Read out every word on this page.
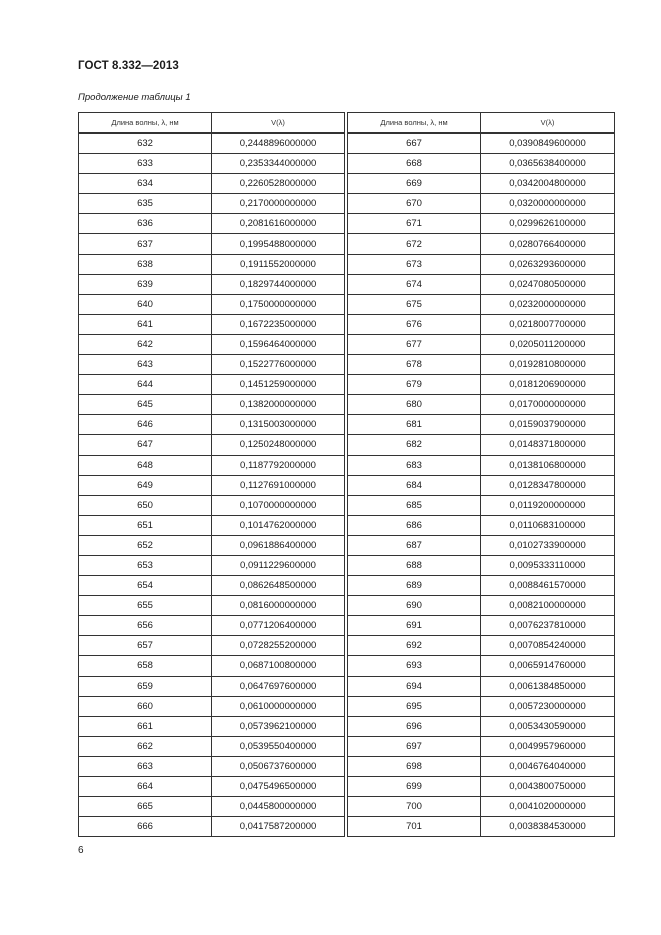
ГОСТ 8.332—2013
Продолжение таблицы 1
Длина волны, λ, нм	V(λ)		Длина волны, λ, нм	V(λ)
632	0,2448896000000		667	0,0390849600000
633	0,2353344000000		668	0,0365638400000
634	0,2260528000000		669	0,0342004800000
635	0,2170000000000		670	0,0320000000000
636	0,2081616000000		671	0,0299626100000
637	0,1995488000000		672	0,0280766400000
638	0,1911552000000		673	0,0263293600000
639	0,1829744000000		674	0,0247080500000
640	0,1750000000000		675	0,0232000000000
641	0,1672235000000		676	0,0218007700000
642	0,1596464000000		677	0,0205011200000
643	0,1522776000000		678	0,0192810800000
644	0,1451259000000		679	0,0181206900000
645	0,1382000000000		680	0,0170000000000
646	0,1315003000000		681	0,0159037900000
647	0,1250248000000		682	0,0148371800000
648	0,1187792000000		683	0,0138106800000
649	0,1127691000000		684	0,0128347800000
650	0,1070000000000		685	0,0119200000000
651	0,1014762000000		686	0,0110683100000
652	0,0961886400000		687	0,0102733900000
653	0,0911229600000		688	0,0095333110000
654	0,0862648500000		689	0,0088461570000
655	0,0816000000000		690	0,0082100000000
656	0,0771206400000		691	0,0076237810000
657	0,0728255200000		692	0,0070854240000
658	0,0687100800000		693	0,0065914760000
659	0,0647697600000		694	0,0061384850000
660	0,0610000000000		695	0,0057230000000
661	0,0573962100000		696	0,0053430590000
662	0,0539550400000		697	0,0049957960000
663	0,0506737600000		698	0,0046764040000
664	0,0475496500000		699	0,0043800750000
665	0,0445800000000		700	0,0041020000000
666	0,0417587200000		701	0,0038384530000
6
